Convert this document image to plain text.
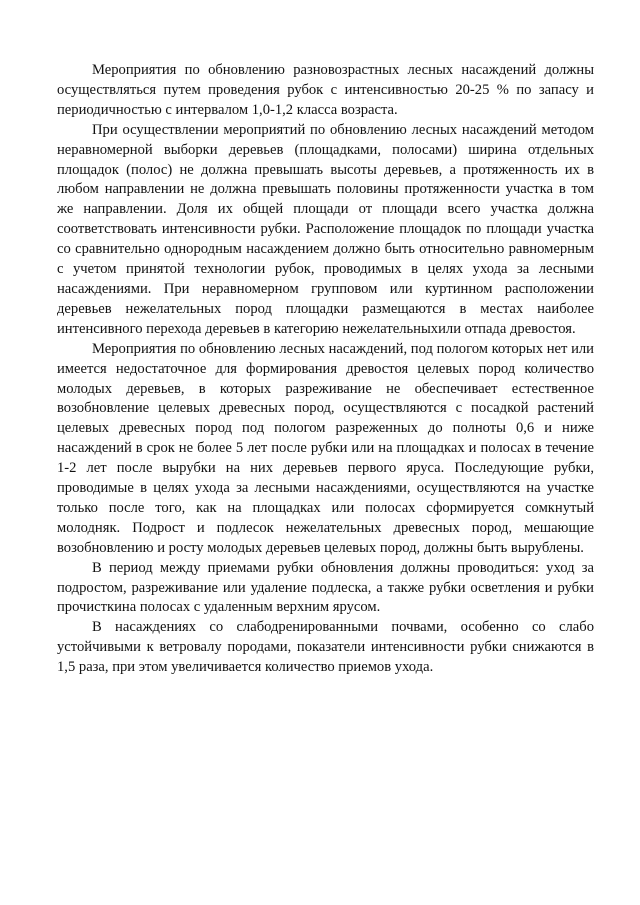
Мероприятия по обновлению разновозрастных лесных насаждений должны осуществляться путем проведения рубок с интенсивностью 20-25 % по запасу и периодичностью с интервалом 1,0-1,2 класса возраста.

При осуществлении мероприятий по обновлению лесных насаждений методом неравномерной выборки деревьев (площадками, полосами) ширина отдельных площадок (полос) не должна превышать высоты деревьев, а протяженность их в любом направлении не должна превышать половины протяженности участка в том же направлении. Доля их общей площади от площади всего участка должна соответствовать интенсивности рубки. Расположение площадок по площади участка со сравнительно однородным насаждением должно быть относительно равномерным с учетом принятой технологии рубок, проводимых в целях ухода за лесными насаждениями. При неравномерном групповом или куртинном расположении деревьев нежелательных пород площадки размещаются в местах наиболее интенсивного перехода деревьев в категорию нежелательныхили отпада древостоя.

Мероприятия по обновлению лесных насаждений, под пологом которых нет или имеется недостаточное для формирования древостоя целевых пород количество молодых деревьев, в которых разреживание не обеспечивает естественное возобновление целевых древесных пород, осуществляются с посадкой растений целевых древесных пород под пологом разреженных до полноты 0,6 и ниже насаждений в срок не более 5 лет после рубки или на площадках и полосах в течение 1-2 лет после вырубки на них деревьев первого яруса. Последующие рубки, проводимые в целях ухода за лесными насаждениями, осуществляются на участке только после того, как на площадках или полосах сформируется сомкнутый молодняк. Подрост и подлесок нежелательных древесных пород, мешающие возобновлению и росту молодых деревьев целевых пород, должны быть вырублены.

В период между приемами рубки обновления должны проводиться: уход за подростом, разреживание или удаление подлеска, а также рубки осветления и рубки прочисткина полосах с удаленным верхним ярусом.

В насаждениях со слабодренированными почвами, особенно со слабо устойчивыми к ветровалу породами, показатели интенсивности рубки снижаются в 1,5 раза, при этом увеличивается количество приемов ухода.
